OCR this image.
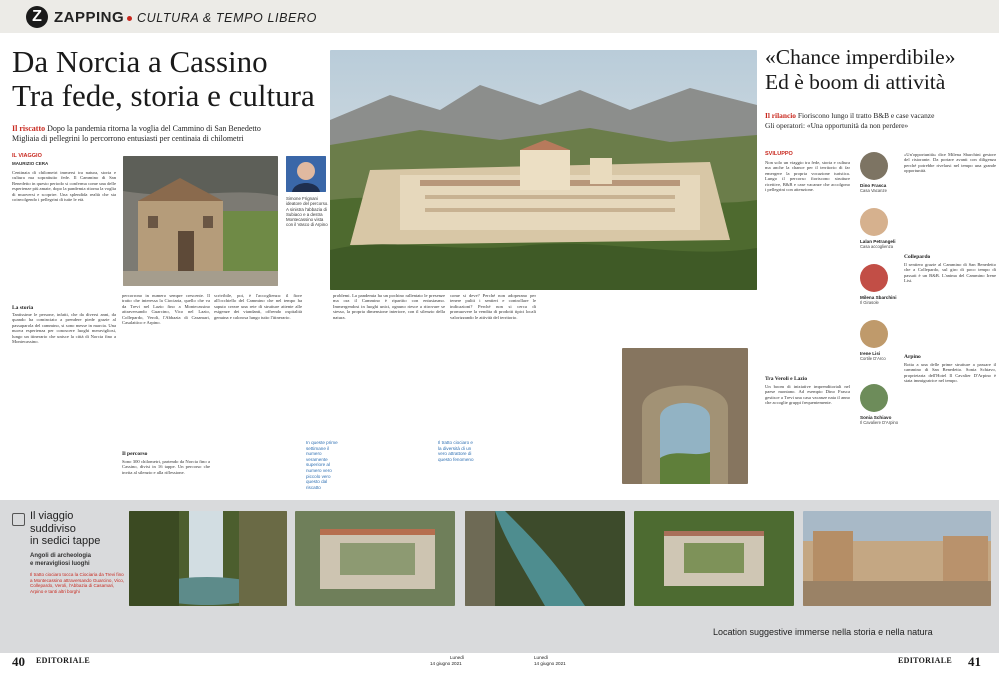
Z ZAPPING CULTURA & TEMPO LIBERO
Da Norcia a Cassino
Tra fede, storia e cultura
Il riscatto Dopo la pandemia ritorna la voglia del Cammino di San Benedetto
Migliaia di pellegrini lo percorrono entusiasti per centinaia di chilometri
«Chance imperdibile»
Ed è boom di attività
Il rilancio Fioriscono lungo il tratto B&B e case vacanze
Gli operatori: «Una opportunità da non perdere»
Simone Frignani ideatore del percorso. A sinistra l'abbazia di Subiaco e a destra Montecassino vista con il Vasco di Arpino
IL VIAGGIO
MAURIZIO CERA
Centinaia di chilometri immersi tra natura, storia e cultura ma soprattutto fede. Il Cammino di San Benedetto in questo periodo si conferma come una delle esperienze più amate, dopo la pandemia ritorna la voglia di muoversi e scoprire. Una splendida realtà che sta coinvolgendo i pellegrini di tutte le età.
Tantissime le persone, infatti, che da diversi anni, da quando ha cominciato a prendere piede grazie al passaparola del cammino, si sono messe in marcia. Una nuova esperienza per conoscere luoghi meravigliosi, lungo un itinerario che unisce la città di Norcia fino a Montecassino.
La storia
percorrono in numero sempre crescente. Il tratto che interessa la Ciociaria, quello che va da Trevi nel Lazio fino a Montecassino attraversando Guarcino, Vico nel Lazio, Collepardo, Veroli, l'Abbazia di Casamari, Casalattico e Arpino.
Il percorso
Sono 300 chilometri, partendo da Norcia fino a Cassino, divisi in 16 tappe. Un percorso che invita al silenzio e alla riflessione.
scrivibile, poi, è l'accoglienza: il fiore all'occhiello del Cammino che nel tempo ha saputo creare una rete di strutture attente alle esigenze dei viandanti, offrendo ospitalità genuina e calorosa lungo tutto l'itinerario.
problemi. La pandemia ha un pochino rallentato le presenze ma ora il Cammino è ripartito con entusiasmo. Immergendosi in luoghi unici, ognuno riesce a ritrovare se stesso, la propria dimensione interiore, con il silenzio della natura.
come si deve? Perché non adoperano per tenere puliti i sentieri e controllare le indicazioni? Perché non si cerca di promuovere la vendita di prodotti tipici locali valorizzando le attività del territorio.
In queste prime settimane il numero veramente superiore al numero vero piccolo vero questo dal riscatto
Il tratto ciociaro e la diversità di un vero attrattore di questo fenomeno
SVILUPPO
Non solo un viaggio tra fede, storia e cultura ma anche la chance per il territorio di far emergere la propria vocazione turistica. Lungo il percorso fioriscono strutture ricettive, B&B e case vacanze che accolgono i pellegrini con attenzione.
Tra Veroli e Lazio
Un boom di iniziative imprenditoriali nel paese montano. Ad esempio Dino Frasca gestisce a Trevi una casa vacanze nata il anno che accoglie gruppi frequentemente.
«Un'opportunità» dice Milena Sbarchini gestore del ristorante. Da portare avanti con diligenza perché potrebbe rivelarsi nel tempo una grande opportunità.
Collepardo
Il sentiero grazie al Cammino di San Benedetto che a Collepardo, sul giro di poco tempo di passati è un B&B. L'anima del Cammino Irene Lisi.
Arpino
Rotta a una delle prime strutture a passare il cammino di San Benedetto. Sonia Schiavo, proprietaria dell'Hotel Il Cavalier D'Arpino è stata immigratrice nel tempo.
Dino Frasca
Casa Vacanze
Lalan Petrangeli
Casa accoglienza
Milena Sbarchini
Il Girasole
Irene Lisi
Cortile D'Arco
Sonia Schiavo
Il Cavaliere D'Arpino
Il viaggio
suddiviso
in sedici tappe
Angoli di archeologia
e meravigliosi luoghi
Il tratto ciociaro tocca la Ciociaria da Trevi fino a Montecassino attraversando Guarcino, Vico, Collepardo, Veroli, l'Abbazia di Casamari, Arpino e tanti altri borghi
Location suggestive immerse nella storia e nella natura
40 EDITORIALE	Lunedì
14 giugno 2021
Lunedì
14 giugno 2021	EDITORIALE 41
